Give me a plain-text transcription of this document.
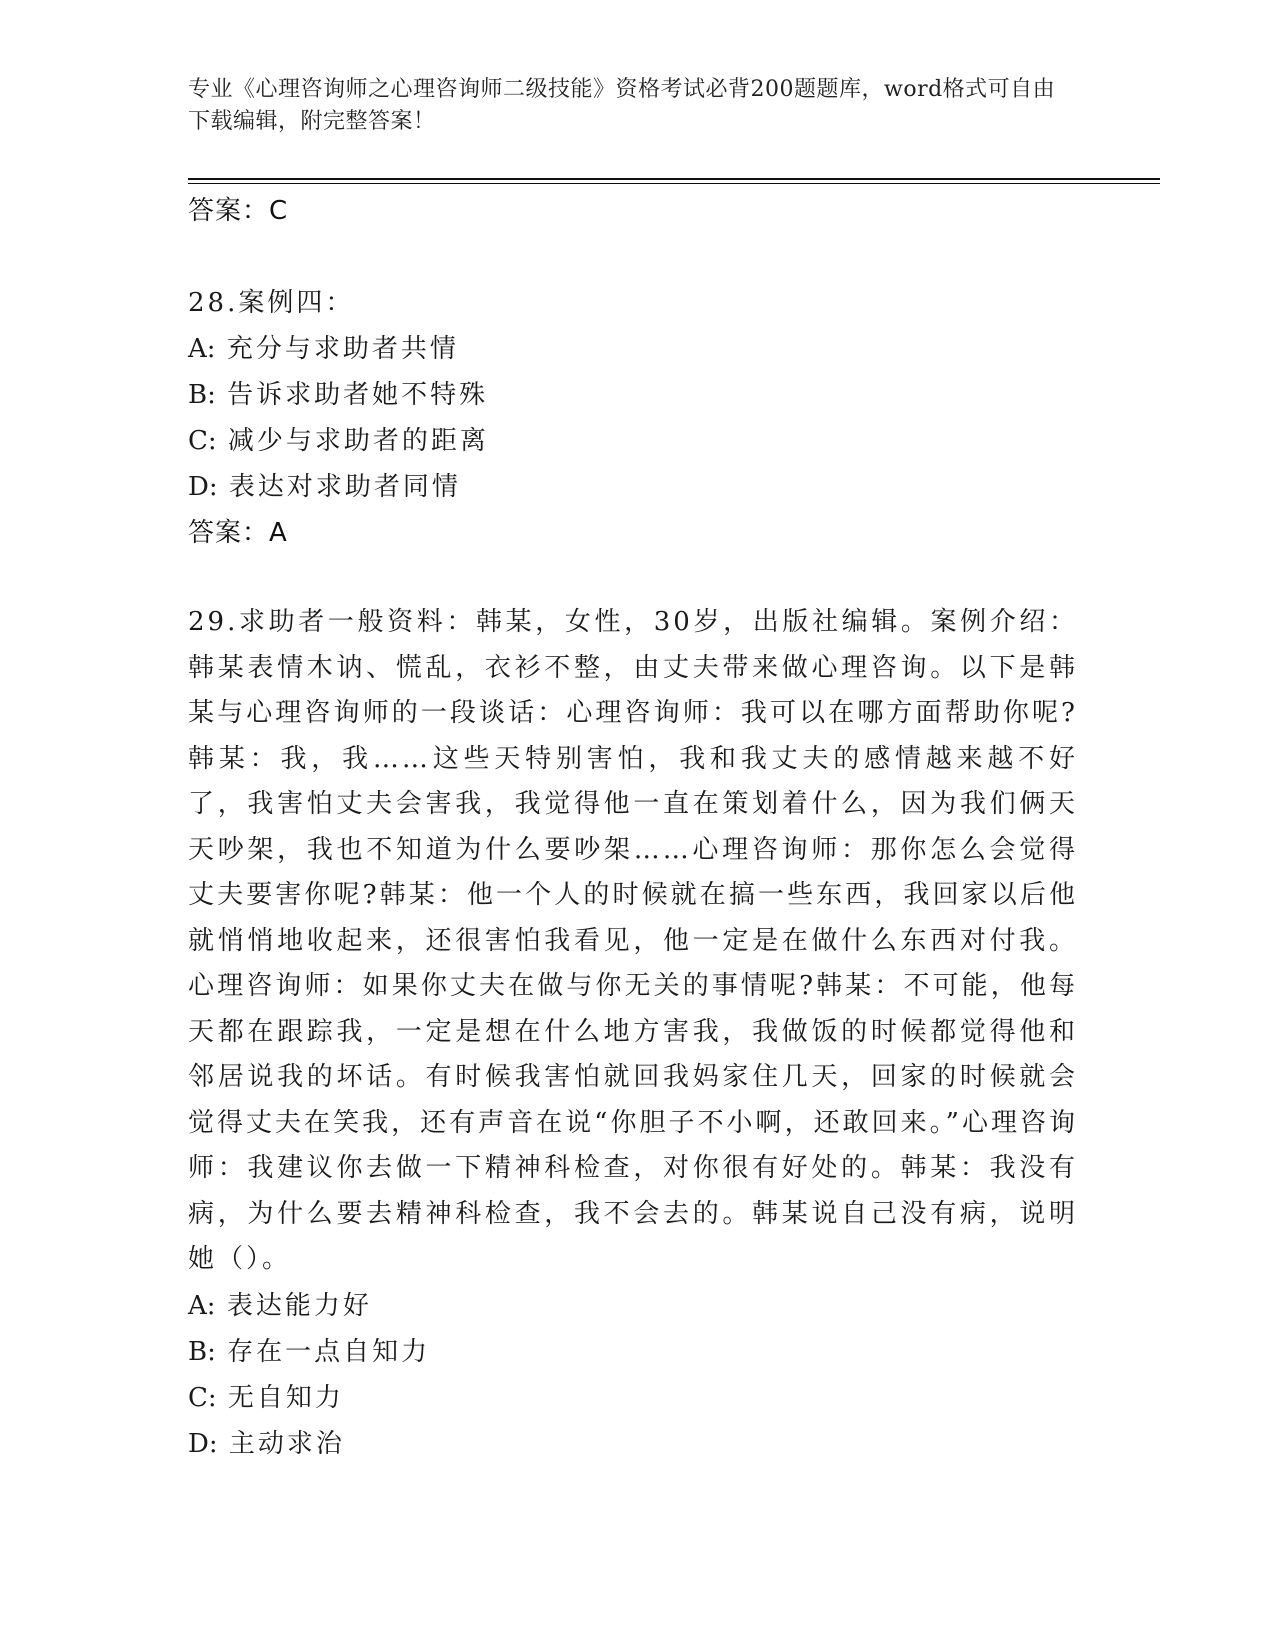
专业《心理咨询师之心理咨询师二级技能》资格考试必背200题题库，word格式可自由下载编辑，附完整答案！
答案：C
28.案例四：
A: 充分与求助者共情
B: 告诉求助者她不特殊
C: 减少与求助者的距离
D: 表达对求助者同情
答案：A
29.求助者一般资料：韩某，女性，30岁，出版社编辑。案例介绍：韩某表情木讷、慌乱，衣衫不整，由丈夫带来做心理咨询。以下是韩某与心理咨询师的一段谈话：心理咨询师：我可以在哪方面帮助你呢?韩某：我，我……这些天特别害怕，我和我丈夫的感情越来越不好了，我害怕丈夫会害我，我觉得他一直在策划着什么，因为我们俩天天吵架，我也不知道为什么要吵架……心理咨询师：那你怎么会觉得丈夫要害你呢?韩某：他一个人的时候就在搞一些东西，我回家以后他就悄悄地收起来，还很害怕我看见，他一定是在做什么东西对付我。心理咨询师：如果你丈夫在做与你无关的事情呢?韩某：不可能，他每天都在跟踪我，一定是想在什么地方害我，我做饭的时候都觉得他和邻居说我的坏话。有时候我害怕就回我妈家住几天，回家的时候就会觉得丈夫在笑我，还有声音在说“你胆子不小啊，还敢回来。”心理咨询师：我建议你去做一下精神科检查，对你很有好处的。韩某：我没有病，为什么要去精神科检查，我不会去的。韩某说自己没有病，说明她（）。
A: 表达能力好
B: 存在一点自知力
C: 无自知力
D: 主动求治
